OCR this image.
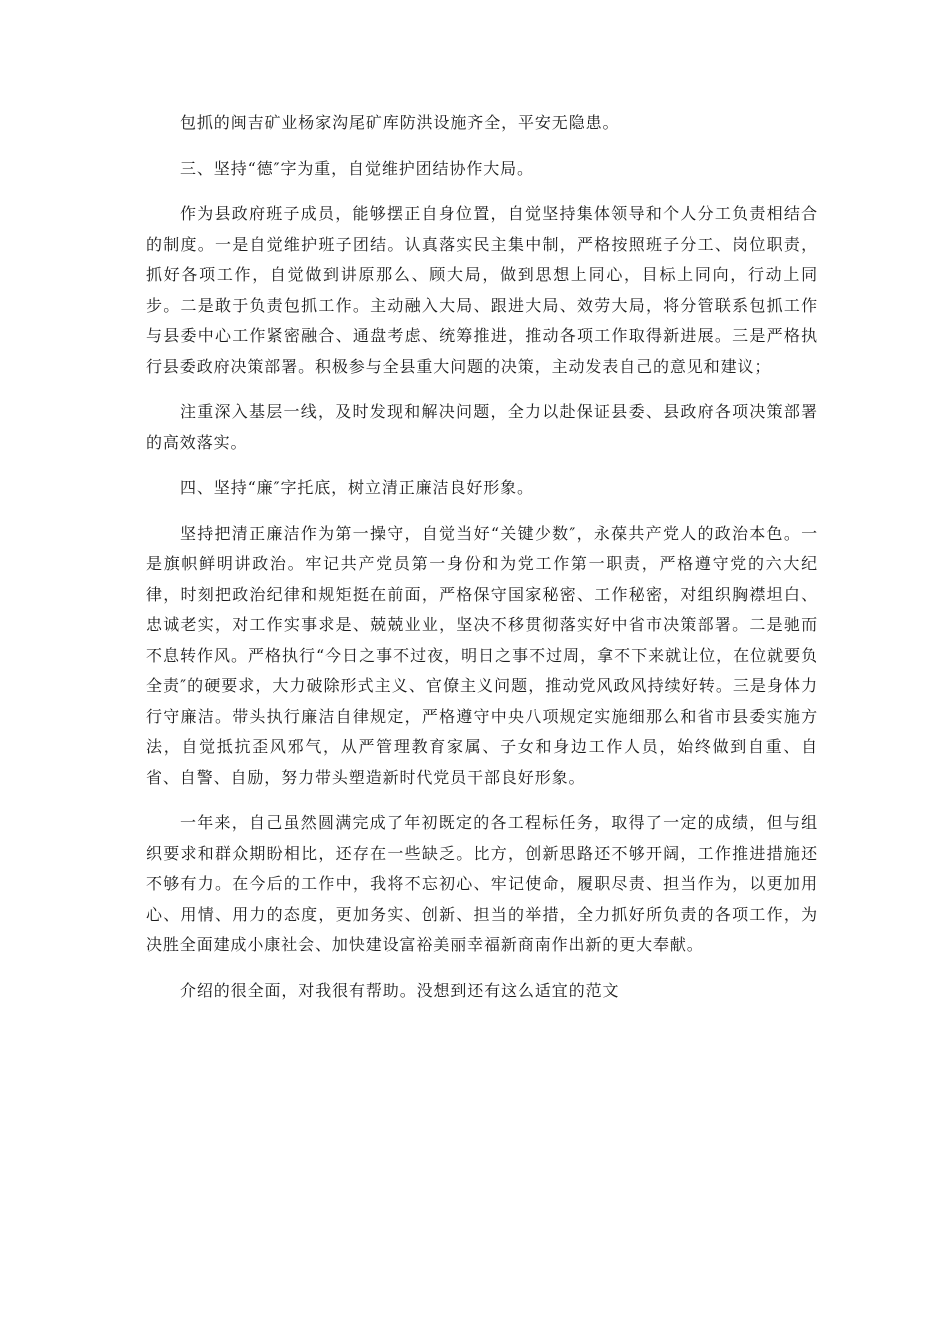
包抓的闽吉矿业杨家沟尾矿库防洪设施齐全，平安无隐患。

三、坚持“德″字为重，自觉维护团结协作大局。

作为县政府班子成员，能够摆正自身位置，自觉坚持集体领导和个人分工负责相结合的制度。一是自觉维护班子团结。认真落实民主集中制，严格按照班子分工、岗位职责，抓好各项工作，自觉做到讲原那么、顾大局，做到思想上同心，目标上同向，行动上同步。二是敢于负责包抓工作。主动融入大局、跟进大局、效劳大局，将分管联系包抓工作与县委中心工作紧密融合、通盘考虑、统筹推进，推动各项工作取得新进展。三是严格执行县委政府决策部署。积极参与全县重大问题的决策，主动发表自己的意见和建议；

注重深入基层一线，及时发现和解决问题，全力以赴保证县委、县政府各项决策部署的高效落实。

四、坚持“廉″字托底，树立清正廉洁良好形象。

坚持把清正廉洁作为第一操守，自觉当好“关键少数″，永葆共产党人的政治本色。一是旗帜鲜明讲政治。牢记共产党员第一身份和为党工作第一职责，严格遵守党的六大纪律，时刻把政治纪律和规矩挺在前面，严格保守国家秘密、工作秘密，对组织胸襟坦白、忠诚老实，对工作实事求是、兢兢业业，坚决不移贯彻落实好中省市决策部署。二是驰而不息转作风。严格执行“今日之事不过夜，明日之事不过周，拿不下来就让位，在位就要负全责″的硬要求，大力破除形式主义、官僚主义问题，推动党风政风持续好转。三是身体力行守廉洁。带头执行廉洁自律规定，严格遵守中央八项规定实施细那么和省市县委实施方法，自觉抵抗歪风邪气，从严管理教育家属、子女和身边工作人员，始终做到自重、自省、自警、自励，努力带头塑造新时代党员干部良好形象。

一年来，自己虽然圆满完成了年初既定的各工程标任务，取得了一定的成绩，但与组织要求和群众期盼相比，还存在一些缺乏。比方，创新思路还不够开阔，工作推进措施还不够有力。在今后的工作中，我将不忘初心、牢记使命，履职尽责、担当作为，以更加用心、用情、用力的态度，更加务实、创新、担当的举措，全力抓好所负责的各项工作，为决胜全面建成小康社会、加快建设富裕美丽幸福新商南作出新的更大奉献。

介绍的很全面，对我很有帮助。没想到还有这么适宜的范文
